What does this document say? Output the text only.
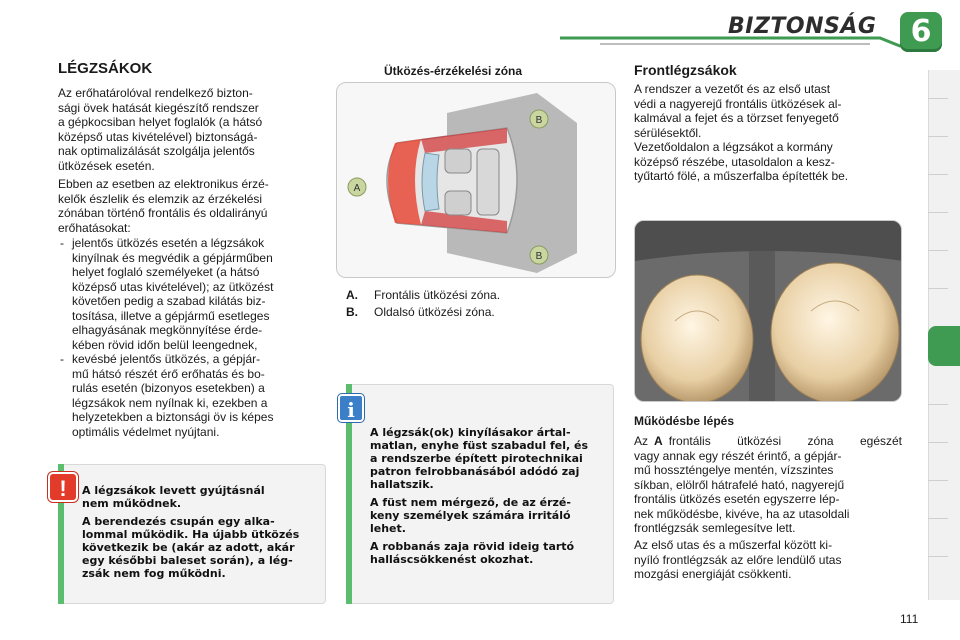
BIZTONSÁG	6
LÉGZSÁKOK
Az erőhatárolóval rendelkező bizton-
sági övek hatását kiegészítő rendszer
a gépkocsiban helyet foglalók (a hátsó
középső utas kivételével) biztonságá-
nak optimalizálását szolgálja jelentős
ütközések esetén.
Ebben az esetben az elektronikus érzé-
kelők észlelik és elemzik az érzékelési
zónában történő frontális és oldalirányú
erőhatásokat:
- jelentős ütközés esetén a légzsákok
kinyílnak és megvédik a gépjárműben
helyet foglaló személyeket (a hátsó
középső utas kivételével); az ütközést
követően pedig a szabad kilátás biz-
tosítása, illetve a gépjármű esetleges
elhagyásának megkönnyítése érde-
kében rövid időn belül leengednek,
- kevésbé jelentős ütközés, a gépjár-
mű hátsó részét érő erőhatás és bo-
rulás esetén (bizonyos esetekben) a
légzsákok nem nyílnak ki, ezekben a
helyzetekben a biztonsági öv is képes
optimális védelmet nyújtani.
!	A légzsákok levett gyújtásnál
nem működnek.
A berendezés csupán egy alka-
lommal működik. Ha újabb ütközés
következik be (akár az adott, akár
egy későbbi baleset során), a lég-
zsák nem fog működni.
Ütközés-érzékelési zóna
A
B
B
A. Frontális ütközési zóna.
B. Oldalsó ütközési zóna.
i
A légzsák(ok) kinyílásakor ártal-
matlan, enyhe füst szabadul fel, és
a rendszerbe épített pirotechnikai
patron felrobbanásából adódó zaj
hallatszik.
A füst nem mérgező, de az érzé-
keny személyek számára irritáló
lehet.
A robbanás zaja rövid ideig tartó
halláscsökkenést okozhat.
Frontlégzsákok
A rendszer a vezetőt és az első utast
védi a nagyerejű frontális ütközések al-
kalmával a fejet és a törzset fenyegető
sérülésektől.
Vezetőoldalon a légzsákot a kormány
középső részébe, utasoldalon a kesz-
tyűtartó fölé, a műszerfalba építették be.
Működésbe lépés
Az A frontális ütközési zóna egészét
vagy annak egy részét érintő, a gépjár-
mű hosszténgelye mentén, vízszintes
síkban, elölről hátrafelé ható, nagyerejű
frontális ütközés esetén egyszerre lép-
nek működésbe, kivéve, ha az utasoldali
frontlégzsák semlegesítve lett.
Az első utas és a műszerfal között ki-
nyíló frontlégzsák az előre lendülő utas
mozgási energiáját csökkenti.
111
